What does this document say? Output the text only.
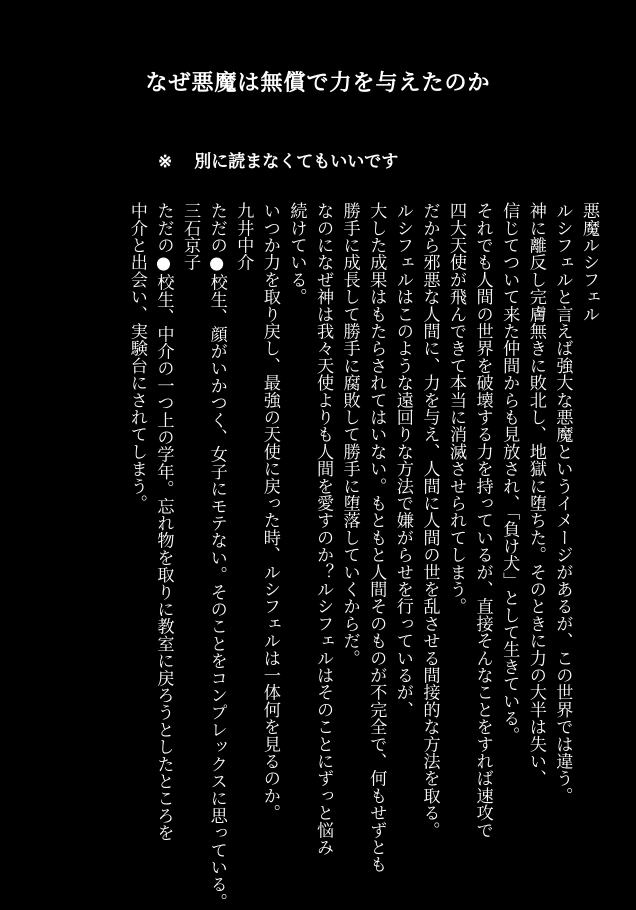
なぜ悪魔は無償で力を与えたのか
※ 別に読まなくてもいいです
悪魔ルシフェル
ルシフェルと言えば強大な悪魔というイメージがあるが、この世界では違う。
神に離反し完膚無きに敗北し、地獄に堕ちた。そのときに力の大半は失い、
信じてついて来た仲間からも見放され、「負け犬」として生きている。
それでも人間の世界を破壊する力を持っているが、直接そんなことをすれば速攻で
四大天使が飛んできて本当に消滅させられてしまう。
だから邪悪な人間に、力を与え、人間に人間の世を乱させる間接的な方法を取る。
ルシフェルはこのような遠回りな方法で嫌がらせを行っているが、
大した成果はもたらされてはいない。もともと人間そのものが不完全で、何もせずとも
勝手に成長して勝手に腐敗して勝手に堕落していくからだ。
なのになぜ神は我々天使よりも人間を愛すのか？ルシフェルはそのことにずっと悩み
続けている。
いつか力を取り戻し、最強の天使に戻った時、ルシフェルは一体何を見るのか。
九井中介
ただの●校生、顔がいかつく、女子にモテない。そのことをコンプレックスに思っている。
三石京子
ただの●校生、中介の一つ上の学年。忘れ物を取りに教室に戻ろうとしたところを
中介と出会い、実験台にされてしまう。
